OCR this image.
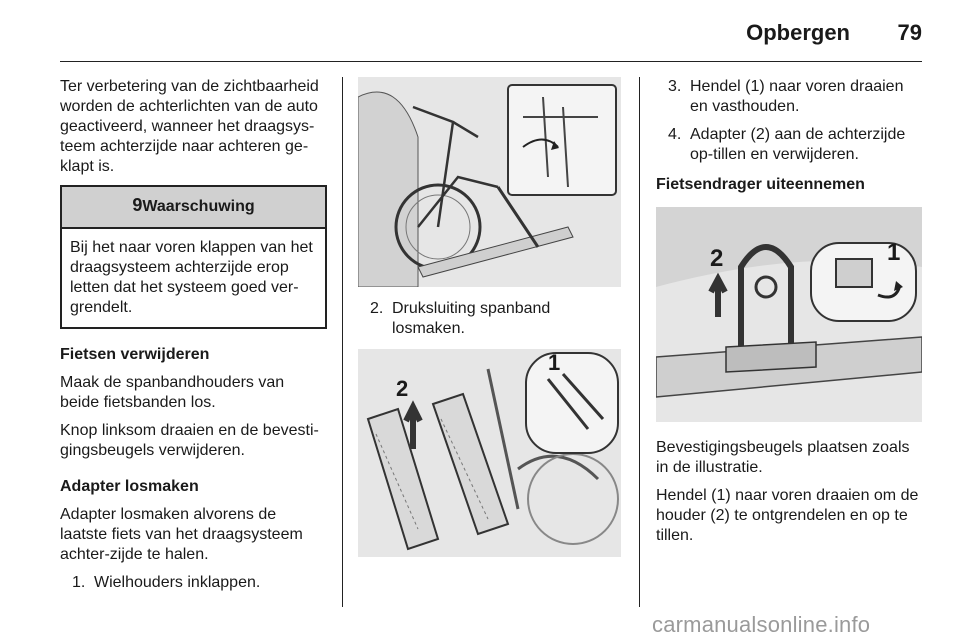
Opbergen	79

Ter verbetering van de zichtbaarheid worden de achterlichten van de auto geactiveerd, wanneer het draagsys-teem achterzijde naar achteren ge-klapt is.

9Waarschuwing
Bij het naar voren klappen van het draagsysteem achterzijde erop letten dat het systeem goed ver-grendelt.

Fietsen verwijderen

Maak de spanbandhouders van beide fietsbanden los.

Knop linksom draaien en de bevesti-gingsbeugels verwijderen.

Adapter losmaken

Adapter losmaken alvorens de laatste fiets van het draagsysteem achter-zijde te halen.

1. Wielhouders inklappen.
2. Druksluiting spanband losmaken.
1
2
3. Hendel (1) naar voren draaien en vasthouden.
4. Adapter (2) aan de achterzijde op-tillen en verwijderen.

Fietsendrager uiteennemen

1
2

Bevestigingsbeugels plaatsen zoals in de illustratie.

Hendel (1) naar voren draaien om de houder (2) te ontgrendelen en op te tillen.

carmanualsonline.info
